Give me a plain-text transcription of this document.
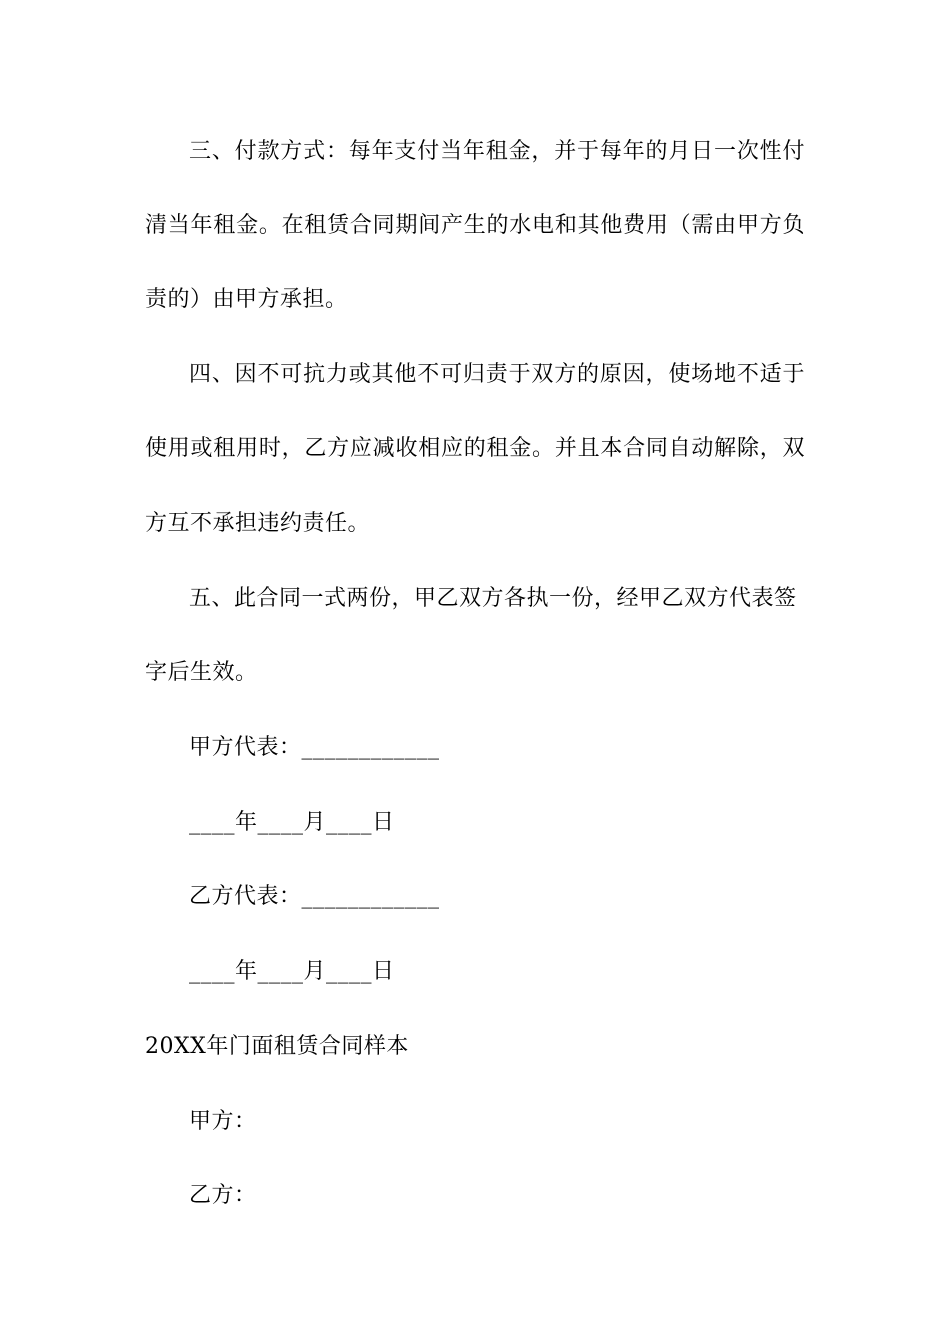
三、付款方式：每年支付当年租金，并于每年的月日一次性付
清当年租金。在租赁合同期间产生的水电和其他费用（需由甲方负
责的）由甲方承担。
四、因不可抗力或其他不可归责于双方的原因，使场地不适于
使用或租用时，乙方应减收相应的租金。并且本合同自动解除，双
方互不承担违约责任。
五、此合同一式两份，甲乙双方各执一份，经甲乙双方代表签
字后生效。
甲方代表：____________
____年____月____日
乙方代表：____________
____年____月____日
20XX年门面租赁合同样本
甲方：
乙方：
